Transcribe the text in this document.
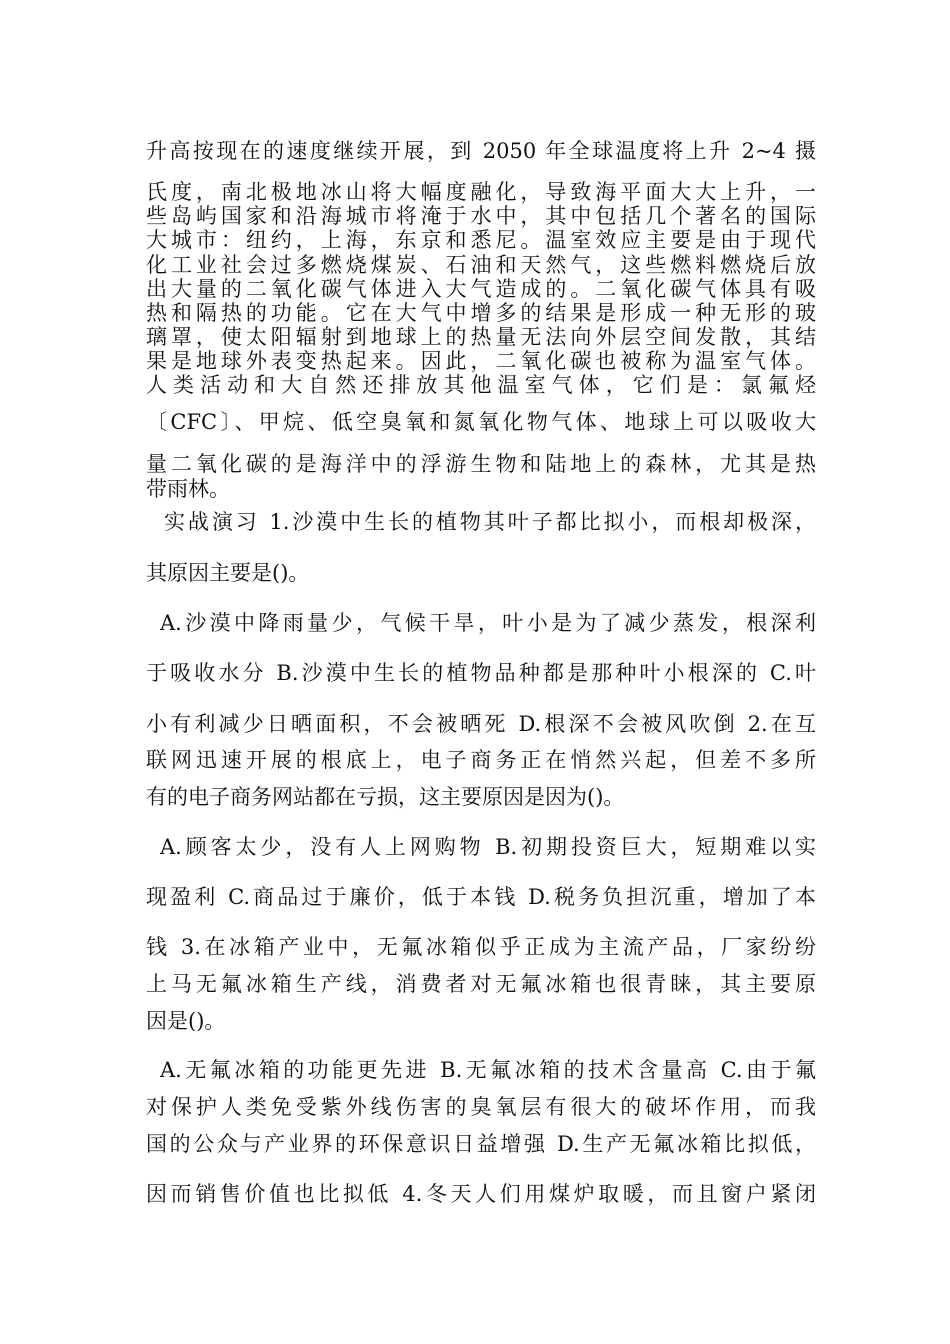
升高按现在的速度继续开展，到 2050 年全球温度将上升 2~4 摄
氏度，南北极地冰山将大幅度融化，导致海平面大大上升，一
些岛屿国家和沿海城市将淹于水中，其中包括几个著名的国际
大城市：纽约，上海，东京和悉尼。温室效应主要是由于现代
化工业社会过多燃烧煤炭、石油和天然气，这些燃料燃烧后放
出大量的二氧化碳气体进入大气造成的。二氧化碳气体具有吸
热和隔热的功能。它在大气中增多的结果是形成一种无形的玻
璃罩，使太阳辐射到地球上的热量无法向外层空间发散，其结
果是地球外表变热起来。因此，二氧化碳也被称为温室气体。
人类活动和大自然还排放其他温室气体，它们是：氯氟烃
〔CFC〕、甲烷、低空臭氧和氮氧化物气体、地球上可以吸收大
量二氧化碳的是海洋中的浮游生物和陆地上的森林，尤其是热
带雨林。
实战演习 1.沙漠中生长的植物其叶子都比拟小，而根却极深，
其原因主要是()。
A.沙漠中降雨量少，气候干旱，叶小是为了减少蒸发，根深利
于吸收水分 B.沙漠中生长的植物品种都是那种叶小根深的 C.叶
小有利减少日晒面积，不会被晒死 D.根深不会被风吹倒 2.在互
联网迅速开展的根底上，电子商务正在悄然兴起，但差不多所
有的电子商务网站都在亏损，这主要原因是因为()。
A.顾客太少，没有人上网购物 B.初期投资巨大，短期难以实
现盈利 C.商品过于廉价，低于本钱 D.税务负担沉重，增加了本
钱 3.在冰箱产业中，无氟冰箱似乎正成为主流产品，厂家纷纷
上马无氟冰箱生产线，消费者对无氟冰箱也很青睐，其主要原
因是()。
A.无氟冰箱的功能更先进 B.无氟冰箱的技术含量高 C.由于氟
对保护人类免受紫外线伤害的臭氧层有很大的破坏作用，而我
国的公众与产业界的环保意识日益增强 D.生产无氟冰箱比拟低，
因而销售价值也比拟低 4.冬天人们用煤炉取暖，而且窗户紧闭
